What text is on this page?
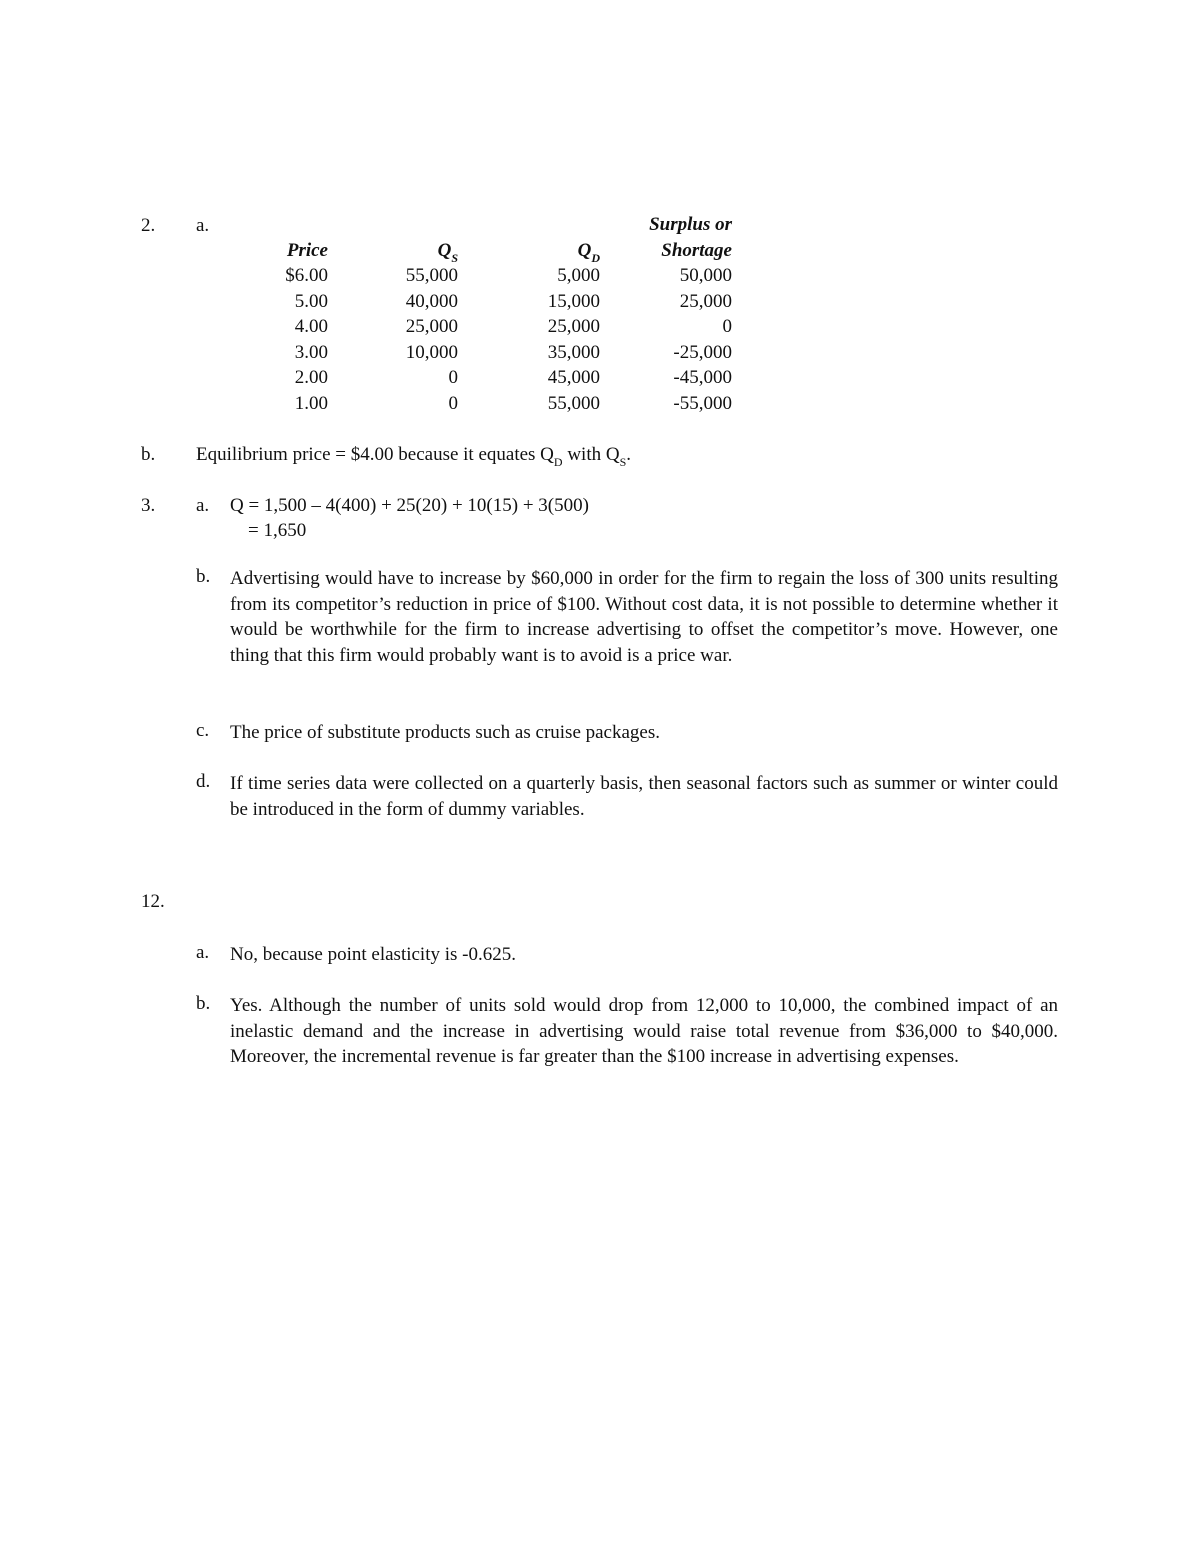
2. a.	Surplus or
Price	$Q_S$	$Q_D$	Shortage
$6.00	55,000	5,000	50,000
5.00	40,000	15,000	25,000
4.00	25,000	25,000	0
3.00	10,000	35,000	-25,000
2.00	0	45,000	-45,000
1.00	0	55,000	-55,000
b. Equilibrium price = $4.00 because it equates $Q_D$ with $Q_S$.
3. a. Q = 1,500 – 4(400) + 25(20) + 10(15) + 3(500)
= 1,650
b. Advertising would have to increase by $60,000 in order for the firm to regain the loss of 300 units resulting from its competitor’s reduction in price of $100. Without cost data, it is not possible to determine whether it would be worthwhile for the firm to increase advertising to offset the competitor’s move. However, one thing that this firm would probably want is to avoid is a price war.
c. The price of substitute products such as cruise packages.
d. If time series data were collected on a quarterly basis, then seasonal factors such as summer or winter could be introduced in the form of dummy variables.
12.
a. No, because point elasticity is -0.625.
b. Yes. Although the number of units sold would drop from 12,000 to 10,000, the combined impact of an inelastic demand and the increase in advertising would raise total revenue from $36,000 to $40,000. Moreover, the incremental revenue is far greater than the $100 increase in advertising expenses.
